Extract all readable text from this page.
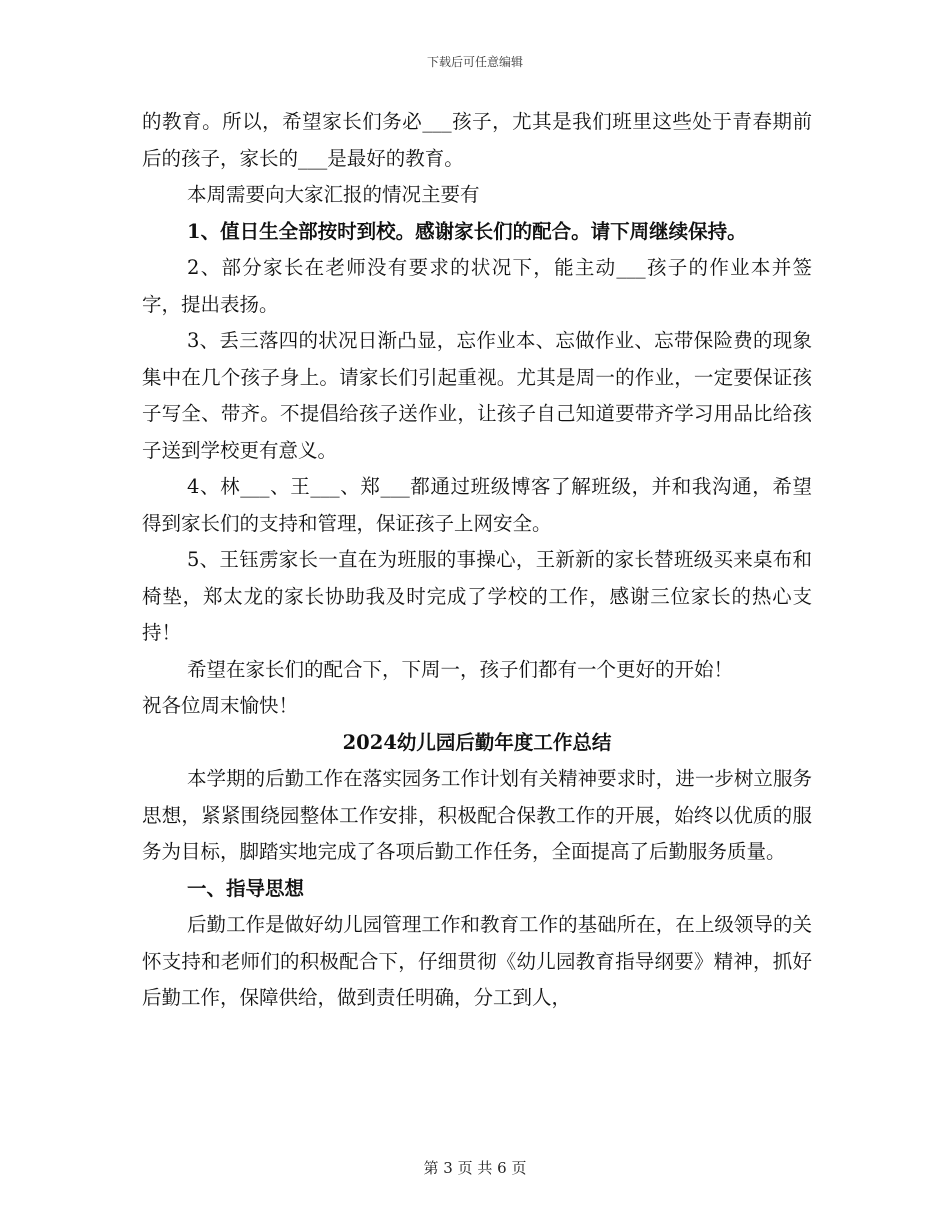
下载后可任意编辑

的教育。所以，希望家长们务必___孩子，尤其是我们班里这些处于青春期前后的孩子，家长的___是最好的教育。

本周需要向大家汇报的情况主要有

1、值日生全部按时到校。感谢家长们的配合。请下周继续保持。

2、部分家长在老师没有要求的状况下，能主动___孩子的作业本并签字，提出表扬。

3、丢三落四的状况日渐凸显，忘作业本、忘做作业、忘带保险费的现象集中在几个孩子身上。请家长们引起重视。尤其是周一的作业，一定要保证孩子写全、带齐。不提倡给孩子送作业，让孩子自己知道要带齐学习用品比给孩子送到学校更有意义。

4、林___、王___、郑___都通过班级博客了解班级，并和我沟通，希望得到家长们的支持和管理，保证孩子上网安全。

5、王钰雳家长一直在为班服的事操心，王新新的家长替班级买来桌布和椅垫，郑太龙的家长协助我及时完成了学校的工作，感谢三位家长的热心支持！

希望在家长们的配合下，下周一，孩子们都有一个更好的开始！

祝各位周末愉快！

2024幼儿园后勤年度工作总结

本学期的后勤工作在落实园务工作计划有关精神要求时，进一步树立服务思想，紧紧围绕园整体工作安排，积极配合保教工作的开展，始终以优质的服务为目标，脚踏实地完成了各项后勤工作任务，全面提高了后勤服务质量。

一、指导思想

后勤工作是做好幼儿园管理工作和教育工作的基础所在，在上级领导的关怀支持和老师们的积极配合下，仔细贯彻《幼儿园教育指导纲要》精神，抓好后勤工作，保障供给，做到责任明确，分工到人，

第 3 页 共 6 页
